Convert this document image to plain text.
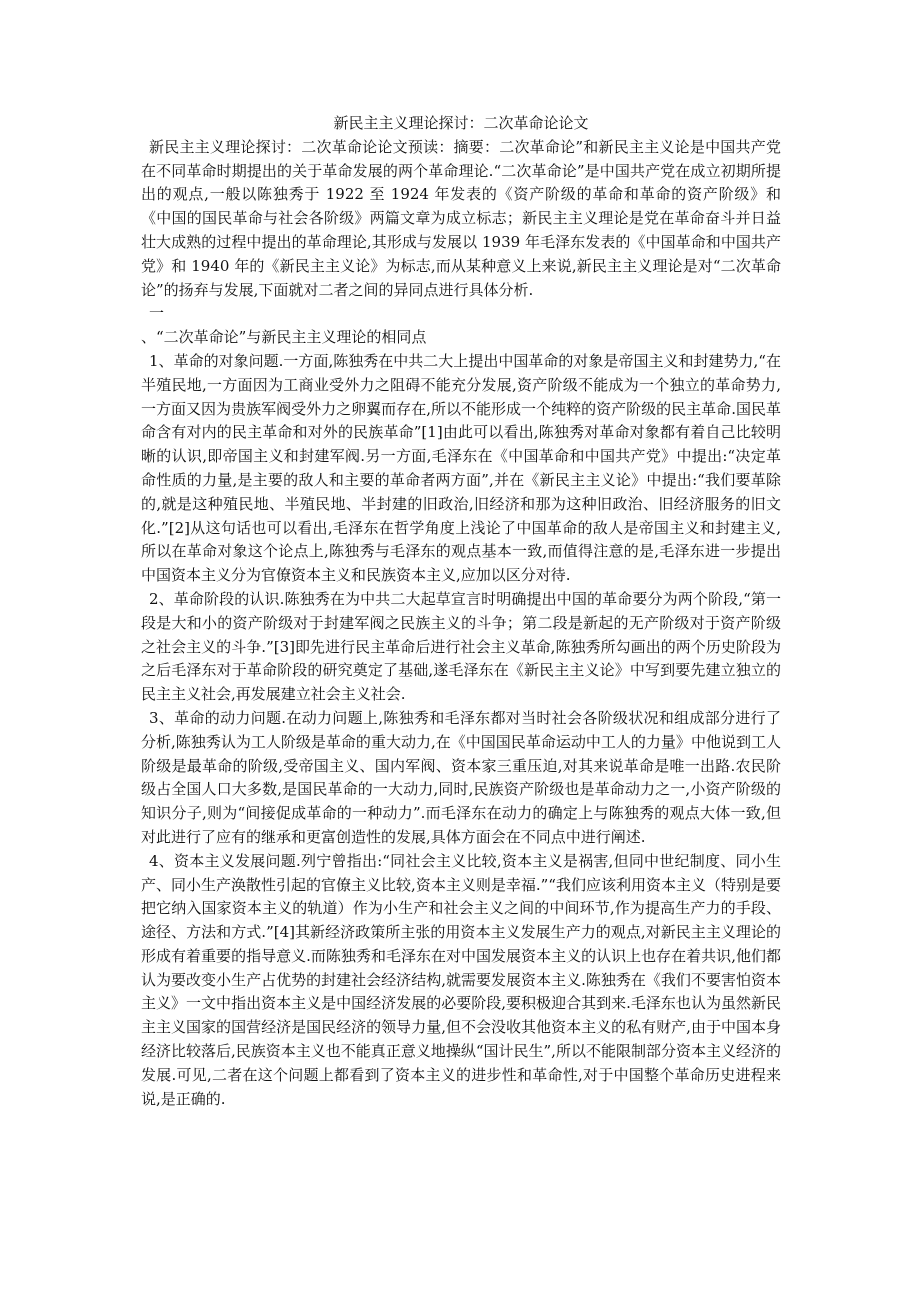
新民主主义理论探讨：二次革命论论文

新民主主义理论探讨：二次革命论论文预读：摘要：二次革命论”和新民主主义论是中国共产党在不同革命时期提出的关于革命发展的两个革命理论.“二次革命论”是中国共产党在成立初期所提出的观点,一般以陈独秀于 1922 至 1924 年发表的《资产阶级的革命和革命的资产阶级》和《中国的国民革命与社会各阶级》两篇文章为成立标志；新民主主义理论是党在革命奋斗并日益壮大成熟的过程中提出的革命理论,其形成与发展以 1939 年毛泽东发表的《中国革命和中国共产党》和 1940 年的《新民主主义论》为标志,而从某种意义上来说,新民主主义理论是对“二次革命论”的扬弃与发展,下面就对二者之间的异同点进行具体分析.

一

、“二次革命论”与新民主主义理论的相同点

1、革命的对象问题.一方面,陈独秀在中共二大上提出中国革命的对象是帝国主义和封建势力,“在半殖民地,一方面因为工商业受外力之阻碍不能充分发展,资产阶级不能成为一个独立的革命势力,一方面又因为贵族军阀受外力之卵翼而存在,所以不能形成一个纯粹的资产阶级的民主革命.国民革命含有对内的民主革命和对外的民族革命”[1]由此可以看出,陈独秀对革命对象都有着自己比较明晰的认识,即帝国主义和封建军阀.另一方面,毛泽东在《中国革命和中国共产党》中提出:“决定革命性质的力量,是主要的敌人和主要的革命者两方面”,并在《新民主主义论》中提出:“我们要革除的,就是这种殖民地、半殖民地、半封建的旧政治,旧经济和那为这种旧政治、旧经济服务的旧文化.”[2]从这句话也可以看出,毛泽东在哲学角度上浅论了中国革命的敌人是帝国主义和封建主义,所以在革命对象这个论点上,陈独秀与毛泽东的观点基本一致,而值得注意的是,毛泽东进一步提出中国资本主义分为官僚资本主义和民族资本主义,应加以区分对待.

2、革命阶段的认识.陈独秀在为中共二大起草宣言时明确提出中国的革命要分为两个阶段,“第一段是大和小的资产阶级对于封建军阀之民族主义的斗争；第二段是新起的无产阶级对于资产阶级之社会主义的斗争.”[3]即先进行民主革命后进行社会主义革命,陈独秀所勾画出的两个历史阶段为之后毛泽东对于革命阶段的研究奠定了基础,遂毛泽东在《新民主主义论》中写到要先建立独立的民主主义社会,再发展建立社会主义社会.

3、革命的动力问题.在动力问题上,陈独秀和毛泽东都对当时社会各阶级状况和组成部分进行了分析,陈独秀认为工人阶级是革命的重大动力,在《中国国民革命运动中工人的力量》中他说到工人阶级是最革命的阶级,受帝国主义、国内军阀、资本家三重压迫,对其来说革命是唯一出路.农民阶级占全国人口大多数,是国民革命的一大动力,同时,民族资产阶级也是革命动力之一,小资产阶级的知识分子,则为“间接促成革命的一种动力”.而毛泽东在动力的确定上与陈独秀的观点大体一致,但对此进行了应有的继承和更富创造性的发展,具体方面会在不同点中进行阐述.

4、资本主义发展问题.列宁曾指出:“同社会主义比较,资本主义是祸害,但同中世纪制度、同小生产、同小生产涣散性引起的官僚主义比较,资本主义则是幸福.”“我们应该利用资本主义（特别是要把它纳入国家资本主义的轨道）作为小生产和社会主义之间的中间环节,作为提高生产力的手段、途径、方法和方式.”[4]其新经济政策所主张的用资本主义发展生产力的观点,对新民主主义理论的形成有着重要的指导意义.而陈独秀和毛泽东在对中国发展资本主义的认识上也存在着共识,他们都认为要改变小生产占优势的封建社会经济结构,就需要发展资本主义.陈独秀在《我们不要害怕资本主义》一文中指出资本主义是中国经济发展的必要阶段,要积极迎合其到来.毛泽东也认为虽然新民主主义国家的国营经济是国民经济的领导力量,但不会没收其他资本主义的私有财产,由于中国本身经济比较落后,民族资本主义也不能真正意义地操纵“国计民生”,所以不能限制部分资本主义经济的发展.可见,二者在这个问题上都看到了资本主义的进步性和革命性,对于中国整个革命历史进程来说,是正确的.
